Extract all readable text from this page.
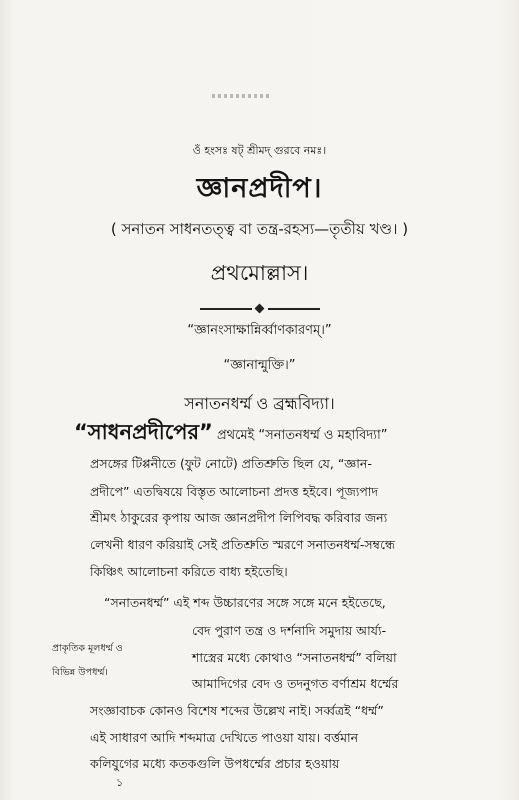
ওঁ হংসঃ ষট্ শ্রীমদ্ গুরবে নমঃ।
জ্ঞানপ্রদীপ।
( সনাতন সাধনতত্ত্ব বা তন্ত্র-রহস্য—তৃতীয় খণ্ড। )
প্রথমোল্লাস।
“জ্ঞানংসাক্ষান্নির্ব্বাণকারণম্।”
“জ্ঞানান্মুক্তি।”
সনাতনধর্ম্ম ও ব্রহ্মবিদ্যা।
“সাধনপ্রদীপের” প্রথমেই “সনাতনধর্ম্ম ও মহাবিদ্যা”
প্রসঙ্গের টিপ্পনীতে (ফুট নোটে) প্রতিশ্রুতি ছিল যে, “জ্ঞান-
প্রদীপে” এতদ্বিষয়ে বিস্তৃত আলোচনা প্রদত্ত হইবে। পূজ্যপাদ
শ্রীমৎ ঠাকুরের কৃপায় আজ জ্ঞানপ্রদীপ লিপিবদ্ধ করিবার জন্য
লেখনী ধারণ করিয়াই সেই প্রতিশ্রুতি স্মরণে সনাতনধর্ম্ম-সম্বন্ধে
কিঞ্চিৎ আলোচনা করিতে বাধ্য হইতেছি।
“সনাতনধর্ম্ম” এই শব্দ উচ্চারণের সঙ্গে সঙ্গে মনে হইতেছে,
বেদ পুরাণ তন্ত্র ও দর্শনাদি সমুদায় আর্য্য-
শাস্ত্রের মধ্যে কোথাও “সনাতনধর্ম্ম” বলিয়া
আমাদিগের বেদ ও তদনুগত বর্ণাশ্রম ধর্ম্মের
সংজ্ঞাবাচক কোনও বিশেষ শব্দের উল্লেখ নাই। সর্ব্বত্রই “ধর্ম্ম”
এই সাধারণ আদি শব্দমাত্র দেখিতে পাওয়া যায়। বর্ত্তমান
কলিযুগের মধ্যে কতকগুলি উপধর্ম্মের প্রচার হওয়ায়
প্রাকৃতিক মূলধর্ম্ম ও
বিভিন্ন উপধর্ম্ম।
১
